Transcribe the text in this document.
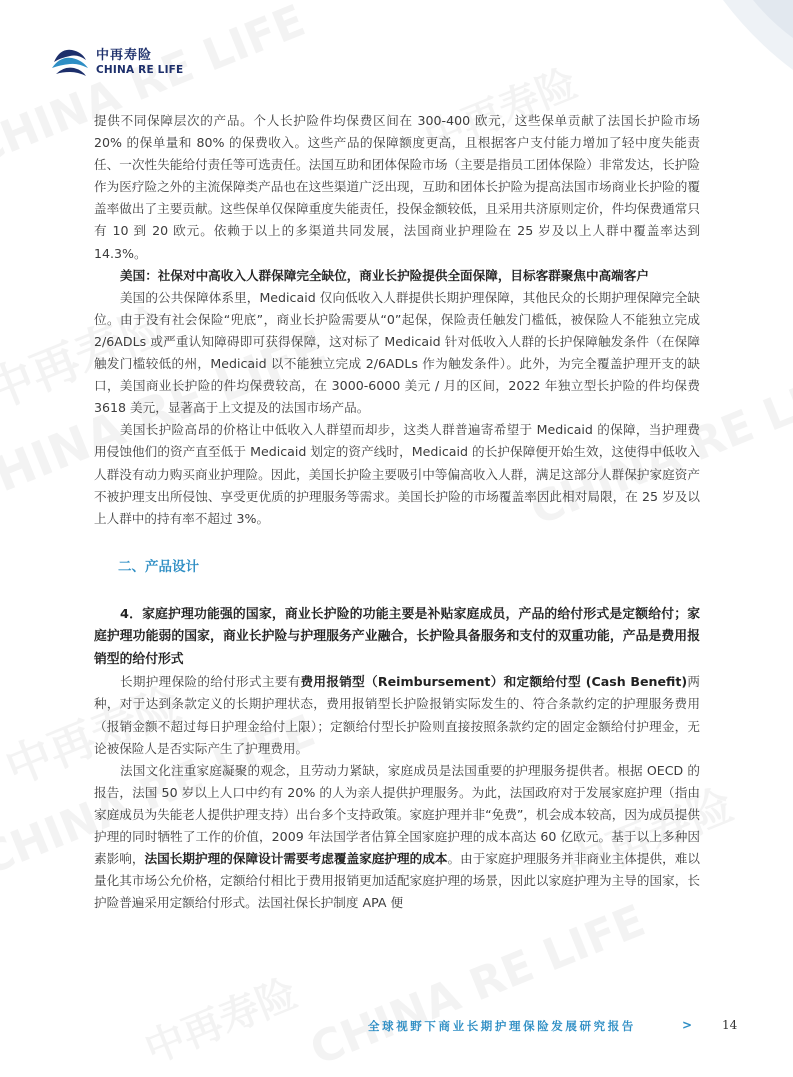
中再寿险
CHINA RE LIFE

提供不同保障层次的产品。个人长护险件均保费区间在 300-400 欧元，这些保单贡献了法国长护险市场 20% 的保单量和 80% 的保费收入。这些产品的保障额度更高，且根据客户支付能力增加了轻中度失能责任、一次性失能给付责任等可选责任。法国互助和团体保险市场（主要是指员工团体保险）非常发达，长护险作为医疗险之外的主流保障类产品也在这些渠道广泛出现，互助和团体长护险为提高法国市场商业长护险的覆盖率做出了主要贡献。这些保单仅保障重度失能责任，投保金额较低，且采用共济原则定价，件均保费通常只有 10 到 20 欧元。依赖于以上的多渠道共同发展，法国商业护理险在 25 岁及以上人群中覆盖率达到 14.3%。

美国：社保对中高收入人群保障完全缺位，商业长护险提供全面保障，目标客群聚焦中高端客户

美国的公共保障体系里，Medicaid 仅向低收入人群提供长期护理保障，其他民众的长期护理保障完全缺位。由于没有社会保险“兜底”，商业长护险需要从“0”起保，保险责任触发门槛低，被保险人不能独立完成 2/6ADLs 或严重认知障碍即可获得保障，这对标了 Medicaid 针对低收入人群的长护保障触发条件（在保障触发门槛较低的州，Medicaid 以不能独立完成 2/6ADLs 作为触发条件）。此外，为完全覆盖护理开支的缺口，美国商业长护险的件均保费较高，在 3000-6000 美元 / 月的区间，2022 年独立型长护险的件均保费 3618 美元，显著高于上文提及的法国市场产品。

美国长护险高昂的价格让中低收入人群望而却步，这类人群普遍寄希望于 Medicaid 的保障，当护理费用侵蚀他们的资产直至低于 Medicaid 划定的资产线时，Medicaid 的长护保障便开始生效，这使得中低收入人群没有动力购买商业护理险。因此，美国长护险主要吸引中等偏高收入人群，满足这部分人群保护家庭资产不被护理支出所侵蚀、享受更优质的护理服务等需求。美国长护险的市场覆盖率因此相对局限，在 25 岁及以上人群中的持有率不超过 3%。

二、产品设计

4．家庭护理功能强的国家，商业长护险的功能主要是补贴家庭成员，产品的给付形式是定额给付；家庭护理功能弱的国家，商业长护险与护理服务产业融合，长护险具备服务和支付的双重功能，产品是费用报销型的给付形式

长期护理保险的给付形式主要有费用报销型（Reimbursement）和定额给付型 (Cash Benefit)两种，对于达到条款定义的长期护理状态，费用报销型长护险报销实际发生的、符合条款约定的护理服务费用（报销金额不超过每日护理金给付上限）；定额给付型长护险则直接按照条款约定的固定金额给付护理金，无论被保险人是否实际产生了护理费用。

法国文化注重家庭凝聚的观念，且劳动力紧缺，家庭成员是法国重要的护理服务提供者。根据 OECD 的报告，法国 50 岁以上人口中约有 20% 的人为亲人提供护理服务。为此，法国政府对于发展家庭护理（指由家庭成员为失能老人提供护理支持）出台多个支持政策。家庭护理并非“免费”，机会成本较高，因为成员提供护理的同时牺牲了工作的价值，2009 年法国学者估算全国家庭护理的成本高达 60 亿欧元。基于以上多种因素影响，法国长期护理的保障设计需要考虑覆盖家庭护理的成本。由于家庭护理服务并非商业主体提供，难以量化其市场公允价格，定额给付相比于费用报销更加适配家庭护理的场景，因此以家庭护理为主导的国家，长护险普遍采用定额给付形式。法国社保长护制度 APA 便

全球视野下商业长期护理保险发展研究报告	> 14
